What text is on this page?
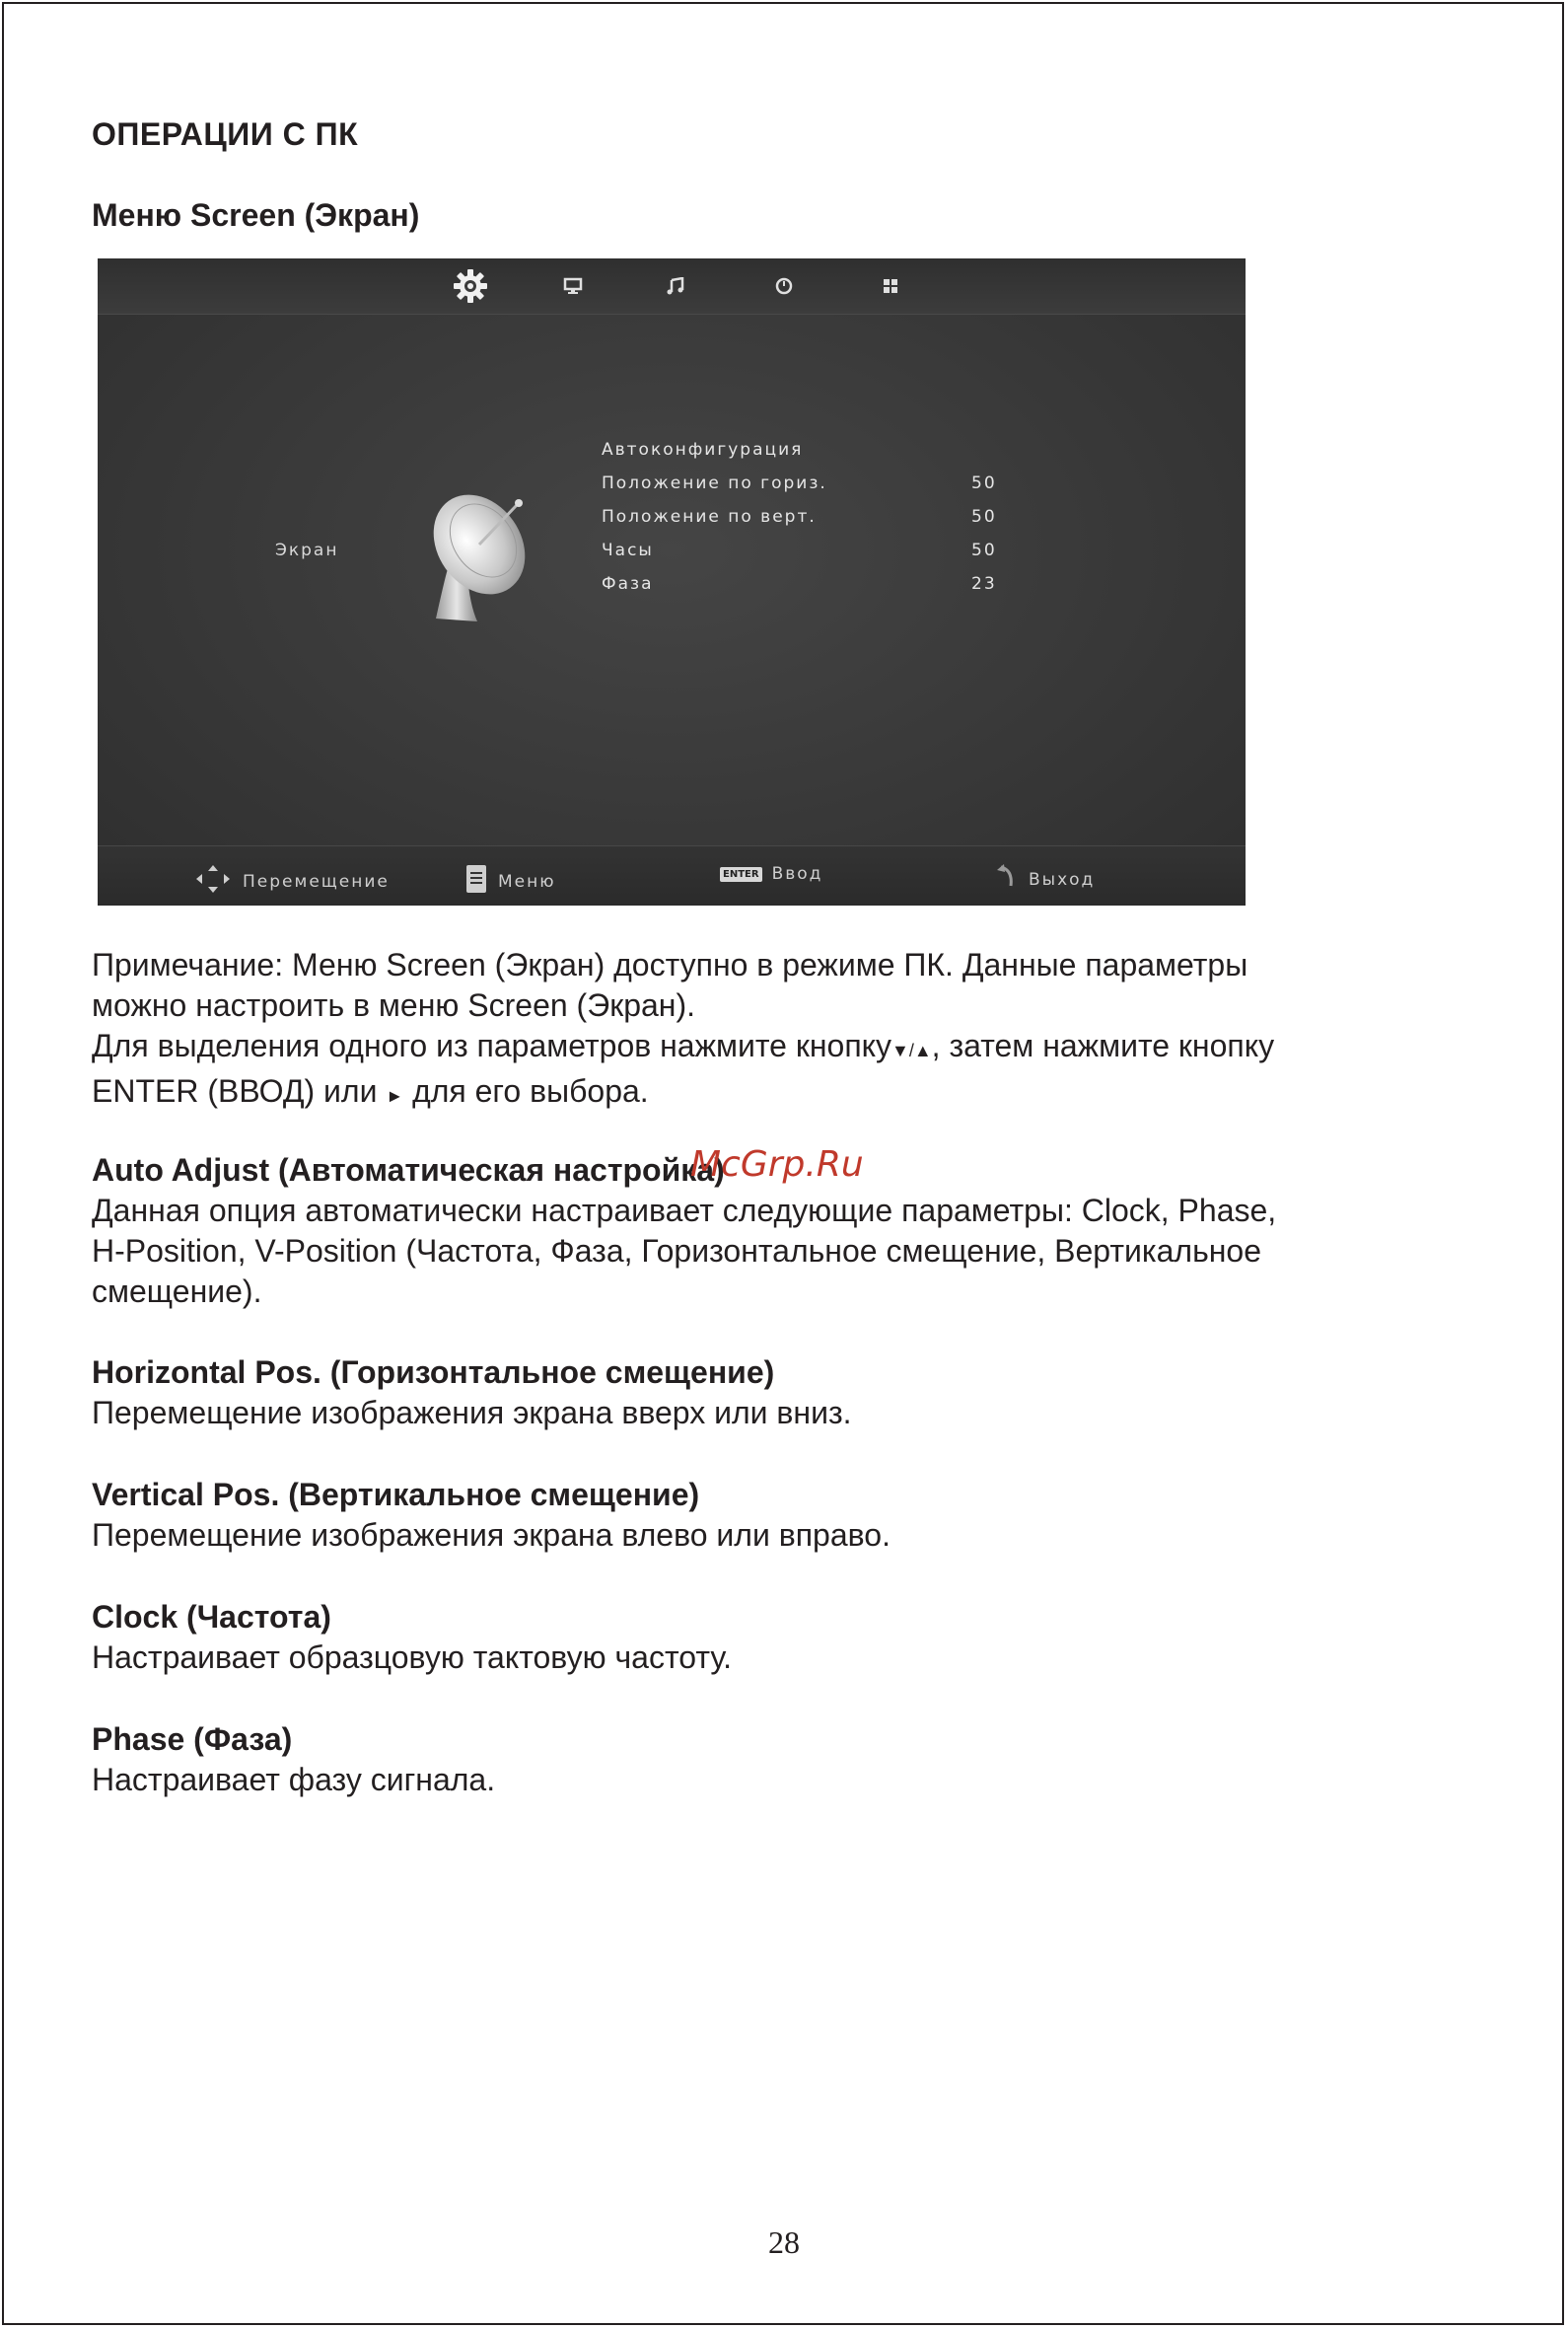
ОПЕРАЦИИ С ПК
Меню Screen (Экран)
Экран
Автоконфигурация
Положение по гориз.	50
Положение по верт.	50
Часы	50
Фаза	23
Перемещение	Меню	ENTER Ввод	Выход
Примечание: Меню Screen (Экран) доступно в режиме ПК. Данные параметры
можно настроить в меню Screen (Экран).
Для выделения одного из параметров нажмите кнопку▼/▲, затем нажмите кнопку
ENTER (ВВОД) или ► для его выбора.
Auto Adjust (Автоматическая настройка)
Данная опция автоматически настраивает следующие параметры: Clock, Phase,
H-Position, V-Position (Частота, Фаза, Горизонтальное смещение, Вертикальное
смещение).
Horizontal Pos. (Горизонтальное смещение)
Перемещение изображения экрана вверх или вниз.
Vertical Pos. (Вертикальное смещение)
Перемещение изображения экрана влево или вправо.
Clock (Частота)
Настраивает образцовую тактовую частоту.
Phase (Фаза)
Настраивает фазу сигнала.
McGrp.Ru
28
